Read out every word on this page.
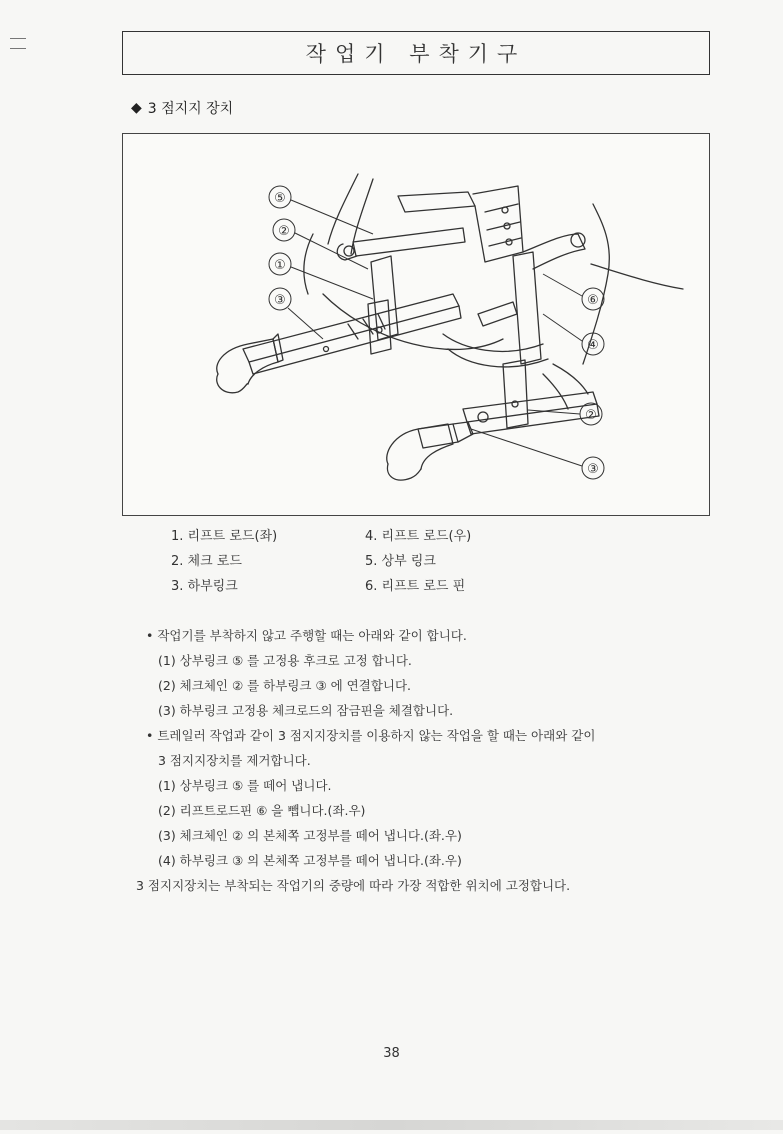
작업기 부착기구
◆ 3 점지지 장치
⑤
②
①
③	⑥
④
②
③
1. 리프트 로드(좌)
2. 체크 로드
3. 하부링크
4. 리프트 로드(우)
5. 상부 링크
6. 리프트 로드 핀
• 작업기를 부착하지 않고 주행할 때는 아래와 같이 합니다.
(1) 상부링크 ⑤ 를 고정용 후크로 고정 합니다.
(2) 체크체인 ② 를 하부링크 ③ 에 연결합니다.
(3) 하부링크 고정용 체크로드의 잠금핀을 체결합니다.
• 트레일러 작업과 같이 3 점지지장치를 이용하지 않는 작업을 할 때는 아래와 같이
3 점지지장치를 제거합니다.
(1) 상부링크 ⑤ 를 떼어 냅니다.
(2) 리프트로드핀 ⑥ 을 뺍니다.(좌.우)
(3) 체크체인 ② 의 본체쪽 고정부를 떼어 냅니다.(좌.우)
(4) 하부링크 ③ 의 본체쪽 고정부를 떼어 냅니다.(좌.우)
3 점지지장치는 부착되는 작업기의 중량에 따라 가장 적합한 위치에 고정합니다.
38
